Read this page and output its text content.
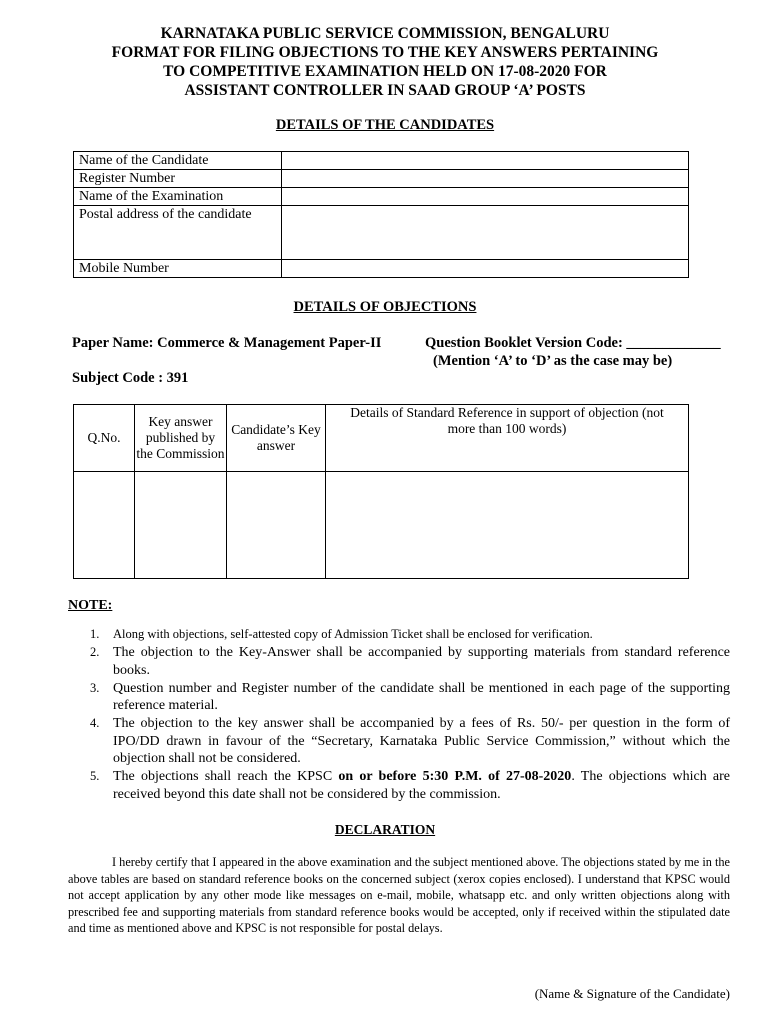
KARNATAKA PUBLIC SERVICE COMMISSION, BENGALURU
FORMAT FOR FILING OBJECTIONS TO THE KEY ANSWERS PERTAINING
TO COMPETITIVE EXAMINATION HELD ON 17-08-2020 FOR
ASSISTANT CONTROLLER IN SAAD GROUP ‘A’ POSTS
DETAILS OF THE CANDIDATES
Name of the Candidate	
Register Number	
Name of the Examination	
Postal address of the candidate	
Mobile Number	
DETAILS OF OBJECTIONS
Paper Name: Commerce & Management Paper-II	Question Booklet Version Code: _____________
(Mention ‘A’ to ‘D’ as the case may be)
Subject Code : 391
Q.No.	Key answer published by the Commission	Candidate’s Key answer	Details of Standard Reference in support of objection (not more than 100 words)

NOTE:
1. Along with objections, self-attested copy of Admission Ticket shall be enclosed for verification.
2. The objection to the Key-Answer shall be accompanied by supporting materials from standard reference books.
3. Question number and Register number of the candidate shall be mentioned in each page of the supporting reference material.
4. The objection to the key answer shall be accompanied by a fees of Rs. 50/- per question in the form of IPO/DD drawn in favour of the “Secretary, Karnataka Public Service Commission,” without which the objection shall not be considered.
5. The objections shall reach the KPSC on or before 5:30 P.M. of 27-08-2020. The objections which are received beyond this date shall not be considered by the commission.
DECLARATION

I hereby certify that I appeared in the above examination and the subject mentioned above. The objections stated by me in the above tables are based on standard reference books on the concerned subject (xerox copies enclosed). I understand that KPSC would not accept application by any other mode like messages on e-mail, mobile, whatsapp etc. and only written objections along with prescribed fee and supporting materials from standard reference books would be accepted, only if received within the stipulated date and time as mentioned above and KPSC is not responsible for postal delays.

(Name & Signature of the Candidate)
